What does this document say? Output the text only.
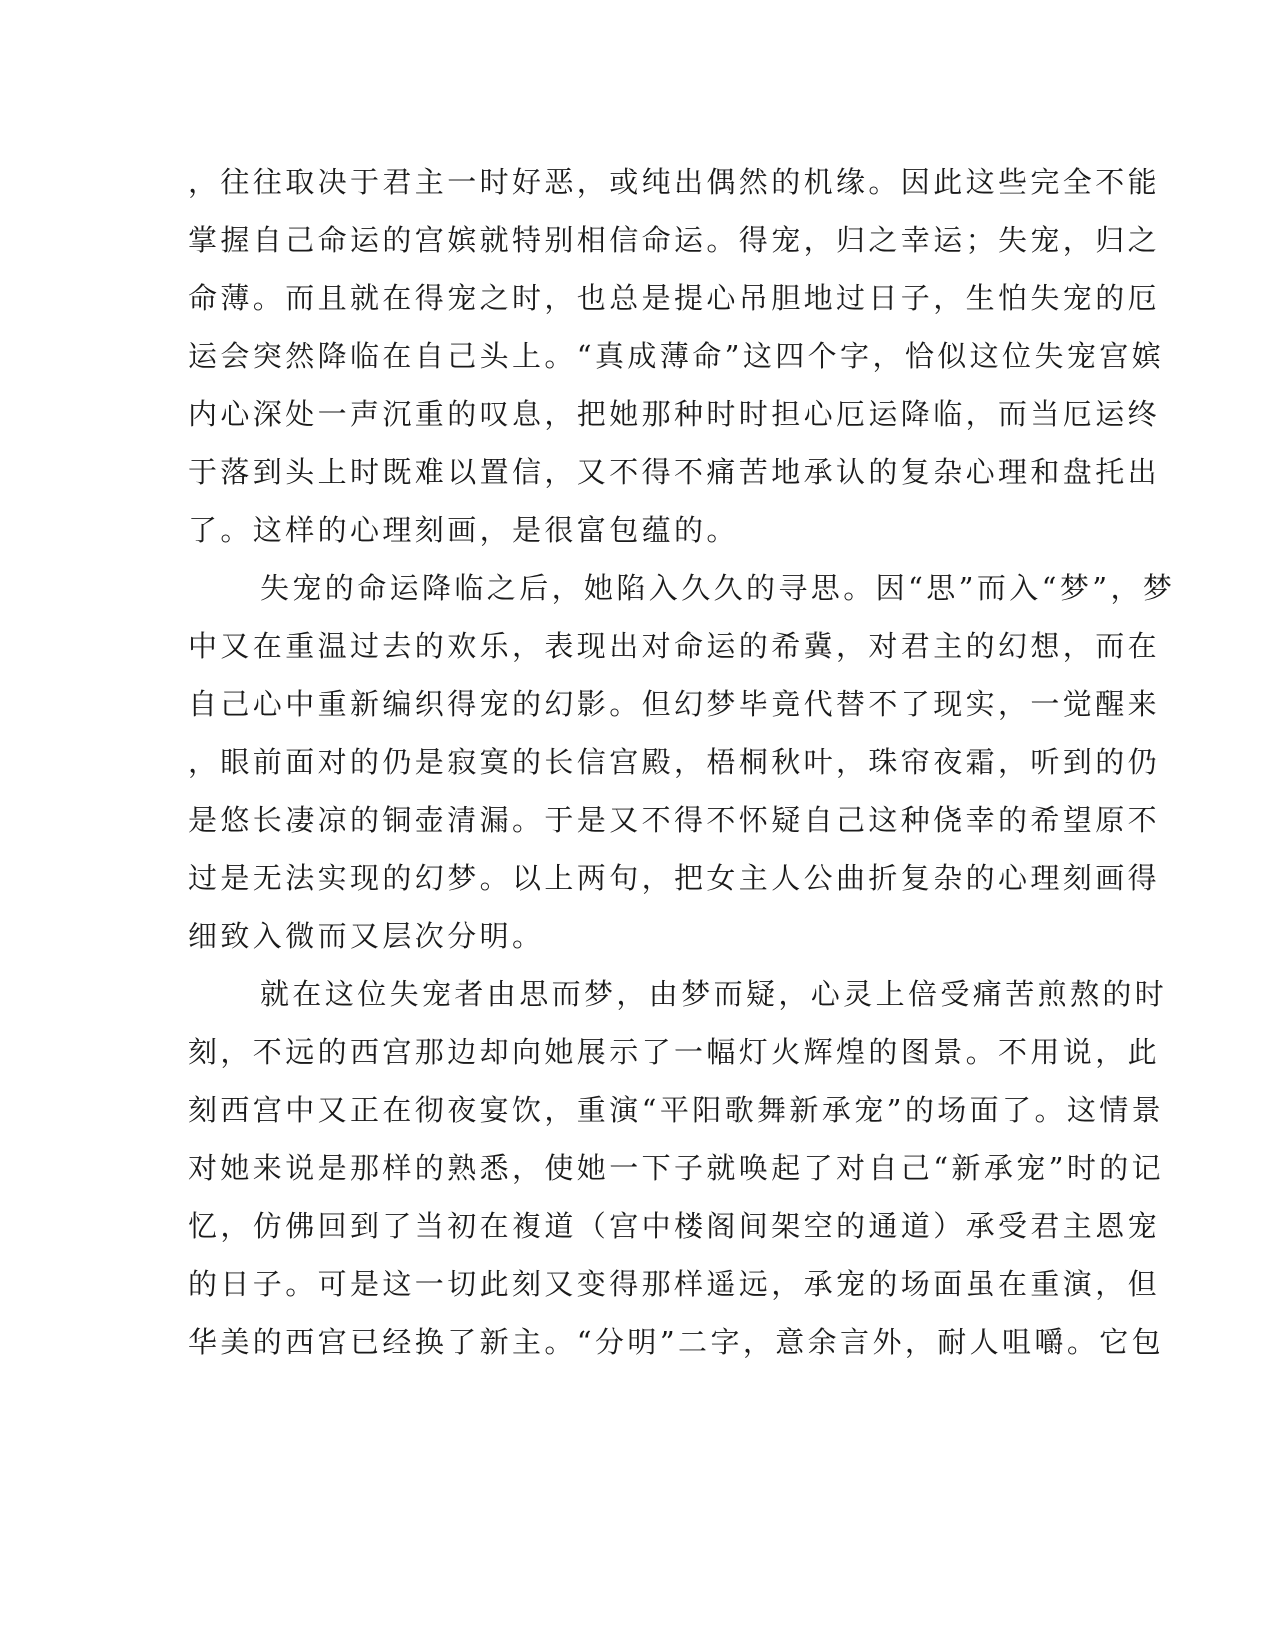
，往往取决于君主一时好恶，或纯出偶然的机缘。因此这些完全不能
掌握自己命运的宫嫔就特别相信命运。得宠，归之幸运；失宠，归之
命薄。而且就在得宠之时，也总是提心吊胆地过日子，生怕失宠的厄
运会突然降临在自己头上。“真成薄命”这四个字，恰似这位失宠宫嫔
内心深处一声沉重的叹息，把她那种时时担心厄运降临，而当厄运终
于落到头上时既难以置信，又不得不痛苦地承认的复杂心理和盘托出
了。这样的心理刻画，是很富包蕴的。
失宠的命运降临之后，她陷入久久的寻思。因“思”而入“梦”，梦
中又在重温过去的欢乐，表现出对命运的希冀，对君主的幻想，而在
自己心中重新编织得宠的幻影。但幻梦毕竟代替不了现实，一觉醒来
，眼前面对的仍是寂寞的长信宫殿，梧桐秋叶，珠帘夜霜，听到的仍
是悠长凄凉的铜壶清漏。于是又不得不怀疑自己这种侥幸的希望原不
过是无法实现的幻梦。以上两句，把女主人公曲折复杂的心理刻画得
细致入微而又层次分明。
就在这位失宠者由思而梦，由梦而疑，心灵上倍受痛苦煎熬的时
刻，不远的西宫那边却向她展示了一幅灯火辉煌的图景。不用说，此
刻西宫中又正在彻夜宴饮，重演“平阳歌舞新承宠”的场面了。这情景
对她来说是那样的熟悉，使她一下子就唤起了对自己“新承宠”时的记
忆，仿佛回到了当初在複道（宫中楼阁间架空的通道）承受君主恩宠
的日子。可是这一切此刻又变得那样遥远，承宠的场面虽在重演，但
华美的西宫已经换了新主。“分明”二字，意余言外，耐人咀嚼。它包
